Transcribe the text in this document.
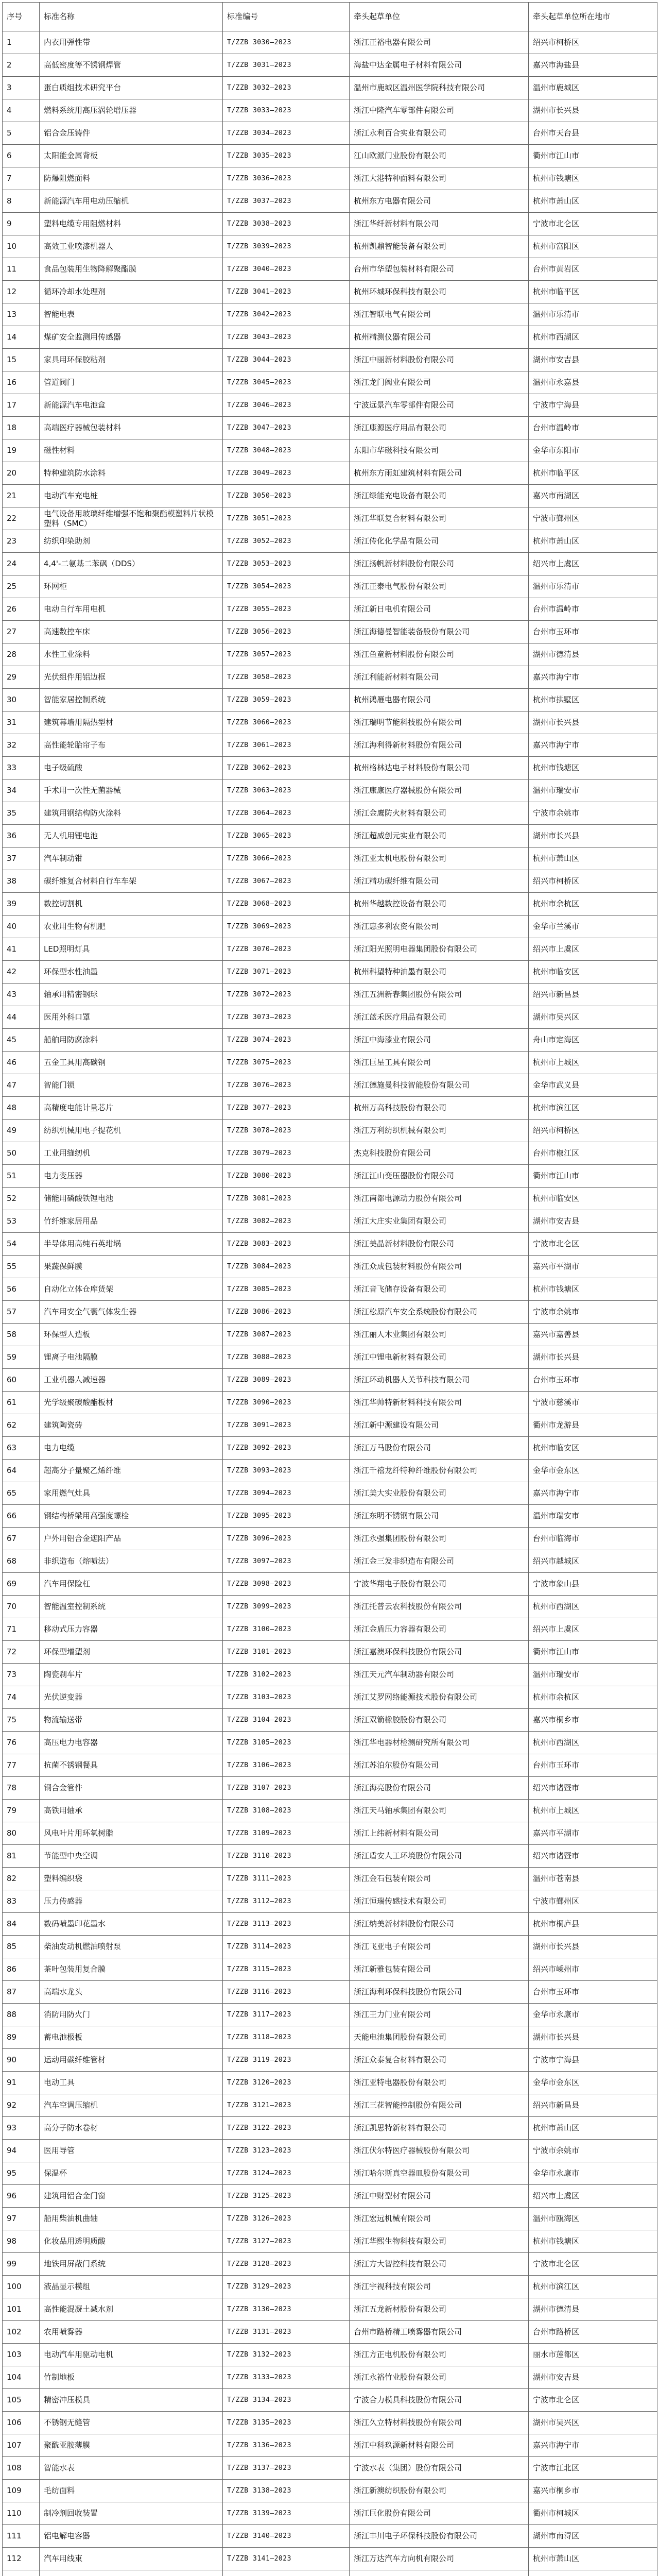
序号	标准名称	标准编号	牵头起草单位	牵头起草单位所在地市
1	内衣用弹性带	T/ZZB 3030—2023	浙江正裕电器有限公司	绍兴市柯桥区
2	高低密度等不锈钢焊管	T/ZZB 3031—2023	海盐中达金属电子材料有限公司	嘉兴市海盐县
3	蛋白质组技术研究平台	T/ZZB 3032—2023	温州市鹿城区温州医学院科技有限公司	温州市鹿城区
4	燃料系统用高压涡轮增压器	T/ZZB 3033—2023	浙江中隆汽车零部件有限公司	湖州市长兴县
5	铝合金压铸件	T/ZZB 3034—2023	浙江永利百合实业有限公司	台州市天台县
6	太阳能金属背板	T/ZZB 3035—2023	江山欧派门业股份有限公司	衢州市江山市
7	防爆阻燃面料	T/ZZB 3036—2023	浙江大港特种面料有限公司	杭州市钱塘区
8	新能源汽车用电动压缩机	T/ZZB 3037—2023	杭州东方电器有限公司	杭州市萧山区
9	塑料电缆专用阻燃材料	T/ZZB 3038—2023	浙江华纤新材料有限公司	宁波市北仑区
10	高效工业喷漆机器人	T/ZZB 3039—2023	杭州凯鼎智能装备有限公司	杭州市富阳区
11	食品包装用生物降解聚酯膜	T/ZZB 3040—2023	台州市华塑包装材料有限公司	台州市黄岩区
12	循环冷却水处理剂	T/ZZB 3041—2023	杭州环城环保科技有限公司	杭州市临平区
13	智能电表	T/ZZB 3042—2023	浙江智联电气有限公司	温州市乐清市
14	煤矿安全监测用传感器	T/ZZB 3043—2023	杭州精测仪器有限公司	杭州市西湖区
15	家具用环保胶粘剂	T/ZZB 3044—2023	浙江中丽新材料股份有限公司	湖州市安吉县
16	管道阀门	T/ZZB 3045—2023	浙江龙门阀业有限公司	温州市永嘉县
17	新能源汽车电池盒	T/ZZB 3046—2023	宁波远景汽车零部件有限公司	宁波市宁海县
18	高端医疗器械包装材料	T/ZZB 3047—2023	浙江康源医疗用品有限公司	台州市温岭市
19	磁性材料	T/ZZB 3048—2023	东阳市华磁科技有限公司	金华市东阳市
20	特种建筑防水涂料	T/ZZB 3049—2023	杭州东方雨虹建筑材料有限公司	杭州市临平区
21	电动汽车充电桩	T/ZZB 3050—2023	浙江绿能充电设备有限公司	嘉兴市南湖区
22	电气设备用玻璃纤维增强不饱和聚酯模塑料片状模塑料（SMC）	T/ZZB 3051—2023	浙江华联复合材料有限公司	宁波市鄞州区
23	纺织印染助剂	T/ZZB 3052—2023	浙江传化化学品有限公司	杭州市萧山区
24	4,4'-二氨基二苯砜（DDS）	T/ZZB 3053—2023	浙江扬帆新材料股份有限公司	绍兴市上虞区
25	环网柜	T/ZZB 3054—2023	浙江正泰电气股份有限公司	温州市乐清市
26	电动自行车用电机	T/ZZB 3055—2023	浙江新日电机有限公司	台州市温岭市
27	高速数控车床	T/ZZB 3056—2023	浙江海德曼智能装备股份有限公司	台州市玉环市
28	水性工业涂料	T/ZZB 3057—2023	浙江鱼童新材料股份有限公司	湖州市德清县
29	光伏组件用铝边框	T/ZZB 3058—2023	浙江利能新材料有限公司	嘉兴市海宁市
30	智能家居控制系统	T/ZZB 3059—2023	杭州鸿雁电器有限公司	杭州市拱墅区
31	建筑幕墙用隔热型材	T/ZZB 3060—2023	浙江瑞明节能科技股份有限公司	湖州市长兴县
32	高性能轮胎帘子布	T/ZZB 3061—2023	浙江海利得新材料股份有限公司	嘉兴市海宁市
33	电子级硫酸	T/ZZB 3062—2023	杭州格林达电子材料股份有限公司	杭州市钱塘区
34	手术用一次性无菌器械	T/ZZB 3063—2023	浙江康康医疗器械股份有限公司	温州市瑞安市
35	建筑用钢结构防火涂料	T/ZZB 3064—2023	浙江金鹰防火材料有限公司	宁波市余姚市
36	无人机用锂电池	T/ZZB 3065—2023	浙江超威创元实业有限公司	湖州市长兴县
37	汽车制动钳	T/ZZB 3066—2023	浙江亚太机电股份有限公司	杭州市萧山区
38	碳纤维复合材料自行车车架	T/ZZB 3067—2023	浙江精功碳纤维有限公司	绍兴市柯桥区
39	数控切割机	T/ZZB 3068—2023	杭州华越数控设备有限公司	杭州市余杭区
40	农业用生物有机肥	T/ZZB 3069—2023	浙江惠多利农资有限公司	金华市兰溪市
41	LED照明灯具	T/ZZB 3070—2023	浙江阳光照明电器集团股份有限公司	绍兴市上虞区
42	环保型水性油墨	T/ZZB 3071—2023	杭州科望特种油墨有限公司	杭州市临安区
43	轴承用精密钢球	T/ZZB 3072—2023	浙江五洲新春集团股份有限公司	绍兴市新昌县
44	医用外科口罩	T/ZZB 3073—2023	浙江蓝禾医疗用品有限公司	湖州市吴兴区
45	船舶用防腐涂料	T/ZZB 3074—2023	浙江中海漆业有限公司	舟山市定海区
46	五金工具用高碳钢	T/ZZB 3075—2023	浙江巨星工具有限公司	杭州市上城区
47	智能门锁	T/ZZB 3076—2023	浙江德施曼科技智能股份有限公司	金华市武义县
48	高精度电能计量芯片	T/ZZB 3077—2023	杭州万高科技股份有限公司	杭州市滨江区
49	纺织机械用电子提花机	T/ZZB 3078—2023	浙江万利纺织机械有限公司	绍兴市柯桥区
50	工业用缝纫机	T/ZZB 3079—2023	杰克科技股份有限公司	台州市椒江区
51	电力变压器	T/ZZB 3080—2023	浙江江山变压器股份有限公司	衢州市江山市
52	储能用磷酸铁锂电池	T/ZZB 3081—2023	浙江南都电源动力股份有限公司	杭州市临安区
53	竹纤维家居用品	T/ZZB 3082—2023	浙江大庄实业集团有限公司	湖州市安吉县
54	半导体用高纯石英坩埚	T/ZZB 3083—2023	浙江美晶新材料股份有限公司	宁波市北仑区
55	果蔬保鲜膜	T/ZZB 3084—2023	浙江众成包装材料股份有限公司	嘉兴市平湖市
56	自动化立体仓库货架	T/ZZB 3085—2023	浙江音飞储存设备有限公司	杭州市钱塘区
57	汽车用安全气囊气体发生器	T/ZZB 3086—2023	浙江松原汽车安全系统股份有限公司	宁波市余姚市
58	环保型人造板	T/ZZB 3087—2023	浙江丽人木业集团有限公司	嘉兴市嘉善县
59	锂离子电池隔膜	T/ZZB 3088—2023	浙江中锂电新材料有限公司	湖州市长兴县
60	工业机器人减速器	T/ZZB 3089—2023	浙江环动机器人关节科技有限公司	台州市玉环市
61	光学级聚碳酸酯板材	T/ZZB 3090—2023	浙江华帅特新材料科技有限公司	宁波市慈溪市
62	建筑陶瓷砖	T/ZZB 3091—2023	浙江新中源建设有限公司	衢州市龙游县
63	电力电缆	T/ZZB 3092—2023	浙江万马股份有限公司	杭州市临安区
64	超高分子量聚乙烯纤维	T/ZZB 3093—2023	浙江千禧龙纤特种纤维股份有限公司	金华市金东区
65	家用燃气灶具	T/ZZB 3094—2023	浙江美大实业股份有限公司	嘉兴市海宁市
66	钢结构桥梁用高强度螺栓	T/ZZB 3095—2023	浙江东明不锈钢有限公司	温州市瑞安市
67	户外用铝合金遮阳产品	T/ZZB 3096—2023	浙江永强集团股份有限公司	台州市临海市
68	非织造布（熔喷法）	T/ZZB 3097—2023	浙江金三发非织造布有限公司	绍兴市越城区
69	汽车用保险杠	T/ZZB 3098—2023	宁波华翔电子股份有限公司	宁波市象山县
70	智能温室控制系统	T/ZZB 3099—2023	浙江托普云农科技股份有限公司	杭州市西湖区
71	移动式压力容器	T/ZZB 3100—2023	浙江金盾压力容器有限公司	绍兴市上虞区
72	环保型增塑剂	T/ZZB 3101—2023	浙江嘉澳环保科技股份有限公司	衢州市江山市
73	陶瓷刹车片	T/ZZB 3102—2023	浙江天元汽车制动器有限公司	温州市瑞安市
74	光伏逆变器	T/ZZB 3103—2023	浙江艾罗网络能源技术股份有限公司	杭州市余杭区
75	物流输送带	T/ZZB 3104—2023	浙江双箭橡胶股份有限公司	嘉兴市桐乡市
76	高压电力电容器	T/ZZB 3105—2023	浙江华电器材检测研究所有限公司	杭州市西湖区
77	抗菌不锈钢餐具	T/ZZB 3106—2023	浙江苏泊尔股份有限公司	台州市玉环市
78	铜合金管件	T/ZZB 3107—2023	浙江海亮股份有限公司	绍兴市诸暨市
79	高铁用轴承	T/ZZB 3108—2023	浙江天马轴承集团有限公司	杭州市上城区
80	风电叶片用环氧树脂	T/ZZB 3109—2023	浙江上纬新材料有限公司	嘉兴市平湖市
81	节能型中央空调	T/ZZB 3110—2023	浙江盾安人工环境股份有限公司	绍兴市诸暨市
82	塑料编织袋	T/ZZB 3111—2023	浙江金石包装有限公司	温州市苍南县
83	压力传感器	T/ZZB 3112—2023	浙江恒瑞传感技术有限公司	宁波市鄞州区
84	数码喷墨印花墨水	T/ZZB 3113—2023	浙江纳美新材料股份有限公司	杭州市桐庐县
85	柴油发动机燃油喷射泵	T/ZZB 3114—2023	浙江飞亚电子有限公司	湖州市长兴县
86	茶叶包装用复合膜	T/ZZB 3115—2023	浙江新雅包装有限公司	绍兴市嵊州市
87	高端水龙头	T/ZZB 3116—2023	浙江海利环保科技股份有限公司	台州市玉环市
88	消防用防火门	T/ZZB 3117—2023	浙江王力门业有限公司	金华市永康市
89	蓄电池极板	T/ZZB 3118—2023	天能电池集团股份有限公司	湖州市长兴县
90	运动用碳纤维管材	T/ZZB 3119—2023	浙江众泰复合材料有限公司	宁波市宁海县
91	电动工具	T/ZZB 3120—2023	浙江亚特电器股份有限公司	金华市金东区
92	汽车空调压缩机	T/ZZB 3121—2023	浙江三花智能控制股份有限公司	绍兴市新昌县
93	高分子防水卷材	T/ZZB 3122—2023	浙江凯思特新材料有限公司	杭州市萧山区
94	医用导管	T/ZZB 3123—2023	浙江伏尔特医疗器械股份有限公司	宁波市余姚市
95	保温杯	T/ZZB 3124—2023	浙江哈尔斯真空器皿股份有限公司	金华市永康市
96	建筑用铝合金门窗	T/ZZB 3125—2023	浙江中财型材有限公司	绍兴市上虞区
97	船用柴油机曲轴	T/ZZB 3126—2023	浙江宏远机械有限公司	温州市瓯海区
98	化妆品用透明质酸	T/ZZB 3127—2023	浙江华熙生物科技有限公司	杭州市钱塘区
99	地铁用屏蔽门系统	T/ZZB 3128—2023	浙江方大智控科技有限公司	宁波市北仑区
100	液晶显示模组	T/ZZB 3129—2023	浙江宇视科技有限公司	杭州市滨江区
101	高性能混凝土减水剂	T/ZZB 3130—2023	浙江五龙新材股份有限公司	湖州市德清县
102	农用喷雾器	T/ZZB 3131—2023	台州市路桥精工喷雾器有限公司	台州市路桥区
103	电动汽车用驱动电机	T/ZZB 3132—2023	浙江方正电机股份有限公司	丽水市莲都区
104	竹制地板	T/ZZB 3133—2023	浙江永裕竹业股份有限公司	湖州市安吉县
105	精密冲压模具	T/ZZB 3134—2023	宁波合力模具科技股份有限公司	宁波市北仑区
106	不锈钢无缝管	T/ZZB 3135—2023	浙江久立特材科技股份有限公司	湖州市吴兴区
107	聚酰亚胺薄膜	T/ZZB 3136—2023	浙江中科玖源新材料有限公司	嘉兴市海宁市
108	智能水表	T/ZZB 3137—2023	宁波水表（集团）股份有限公司	宁波市江北区
109	毛纺面料	T/ZZB 3138—2023	浙江新澳纺织股份有限公司	嘉兴市桐乡市
110	制冷剂回收装置	T/ZZB 3139—2023	浙江巨化股份有限公司	衢州市柯城区
111	铝电解电容器	T/ZZB 3140—2023	浙江丰川电子环保科技股份有限公司	湖州市南浔区
112	汽车用线束	T/ZZB 3141—2023	浙江万达汽车方向机有限公司	杭州市萧山区
